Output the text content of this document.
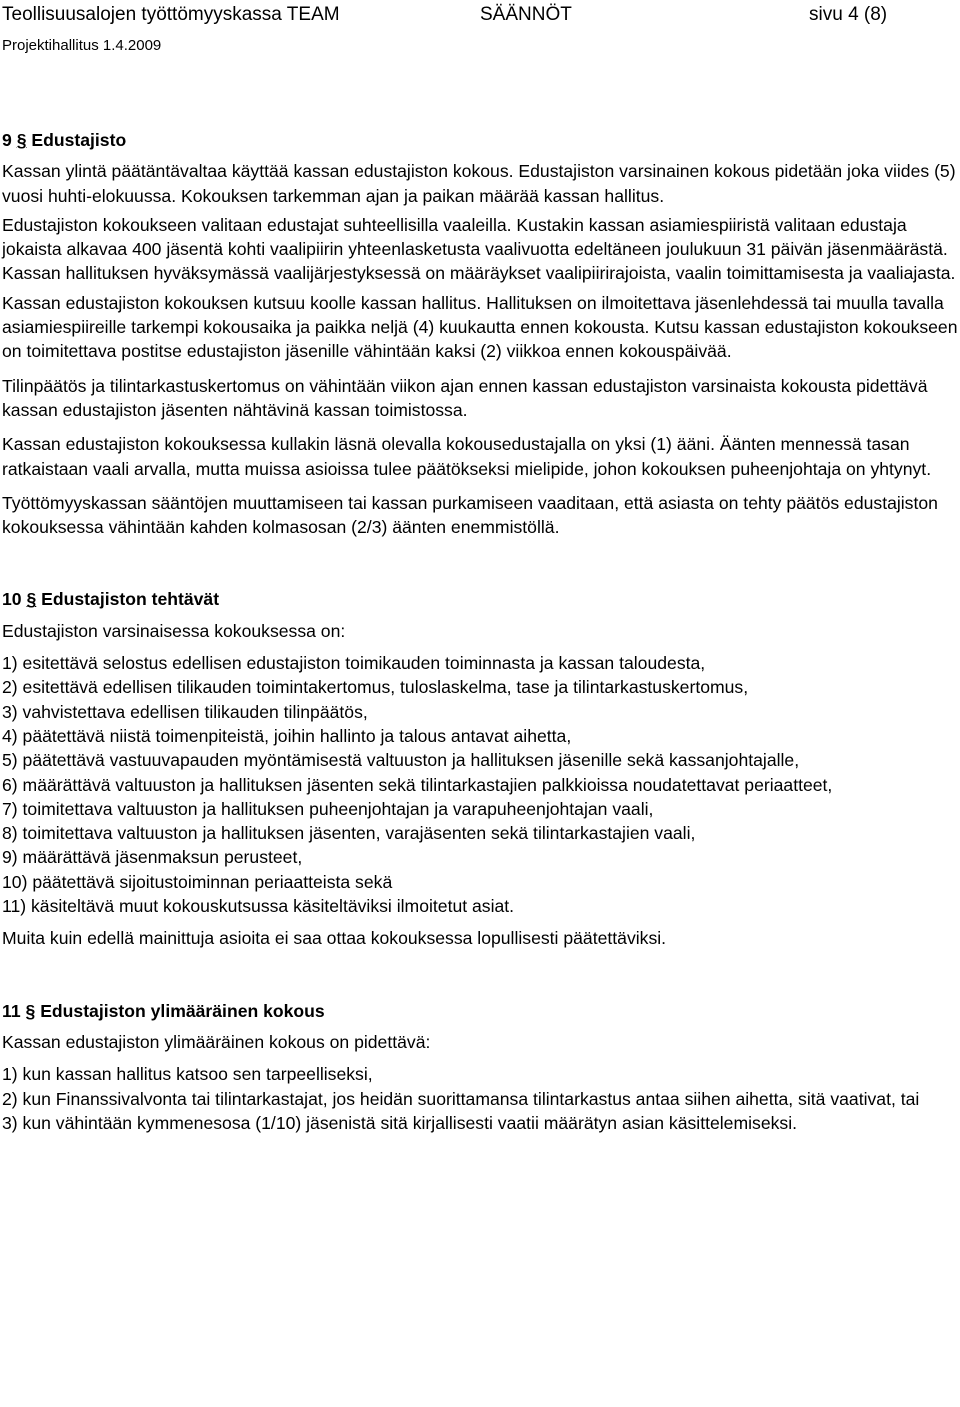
Teollisuusalojen työttömyyskassa TEAM	SÄÄNNÖT	sivu 4 (8)
Projektihallitus 1.4.2009
9 § Edustajisto

Kassan ylintä päätäntävaltaa käyttää kassan edustajiston kokous. Edustajiston varsinainen kokous pidetään joka viides (5) vuosi huhti-elokuussa. Kokouksen tarkemman ajan ja paikan määrää kassan hallitus.

Edustajiston kokoukseen valitaan edustajat suhteellisilla vaaleilla. Kustakin kassan asiamiespiiristä valitaan edustaja jokaista alkavaa 400 jäsentä kohti vaalipiirin yhteenlasketusta vaalivuotta edeltäneen joulukuun 31 päivän jäsenmäärästä. Kassan hallituksen hyväksymässä vaalijärjestyksessä on määräykset vaalipiirirajoista, vaalin toimittamisesta ja vaaliajasta.

Kassan edustajiston kokouksen kutsuu koolle kassan hallitus. Hallituksen on ilmoitettava jäsenlehdessä tai muulla tavalla asiamiespiireille tarkempi kokousaika ja paikka neljä (4) kuukautta ennen kokousta. Kutsu kassan edustajiston kokoukseen on toimitettava postitse edustajiston jäsenille vähintään kaksi (2) viikkoa ennen kokouspäivää.

Tilinpäätös ja tilintarkastuskertomus on vähintään viikon ajan ennen kassan edustajiston varsinaista kokousta pidettävä kassan edustajiston jäsenten nähtävinä kassan toimistossa.

Kassan edustajiston kokouksessa kullakin läsnä olevalla kokousedustajalla on yksi (1) ääni. Äänten mennessä tasan ratkaistaan vaali arvalla, mutta muissa asioissa tulee päätökseksi mielipide, johon kokouksen puheenjohtaja on yhtynyt.

Työttömyyskassan sääntöjen muuttamiseen tai kassan purkamiseen vaaditaan, että asiasta on tehty päätös edustajiston kokouksessa vähintään kahden kolmasosan (2/3) äänten enemmistöllä.

10 § Edustajiston tehtävät

Edustajiston varsinaisessa kokouksessa on:

1) esitettävä selostus edellisen edustajiston toimikauden toiminnasta ja kassan taloudesta,
2) esitettävä edellisen tilikauden toimintakertomus, tuloslaskelma, tase ja tilintarkastuskertomus,
3) vahvistettava edellisen tilikauden tilinpäätös,
4) päätettävä niistä toimenpiteistä, joihin hallinto ja talous antavat aihetta,
5) päätettävä vastuuvapauden myöntämisestä valtuuston ja hallituksen jäsenille sekä kassanjohtajalle,
6) määrättävä valtuuston ja hallituksen jäsenten sekä tilintarkastajien palkkioissa noudatettavat periaatteet,
7) toimitettava valtuuston ja hallituksen puheenjohtajan ja varapuheenjohtajan vaali,
8) toimitettava valtuuston ja hallituksen jäsenten, varajäsenten sekä tilintarkastajien vaali,
9) määrättävä jäsenmaksun perusteet,
10) päätettävä sijoitustoiminnan periaatteista sekä
11) käsiteltävä muut kokouskutsussa käsiteltäviksi ilmoitetut asiat.

Muita kuin edellä mainittuja asioita ei saa ottaa kokouksessa lopullisesti päätettäviksi.

11 § Edustajiston ylimääräinen kokous

Kassan edustajiston ylimääräinen kokous on pidettävä:

1) kun kassan hallitus katsoo sen tarpeelliseksi,
2) kun Finanssivalvonta tai tilintarkastajat, jos heidän suorittamansa tilintarkastus antaa siihen aihetta, sitä vaativat, tai
3) kun vähintään kymmenesosa (1/10) jäsenistä sitä kirjallisesti vaatii määrätyn asian käsittelemiseksi.
